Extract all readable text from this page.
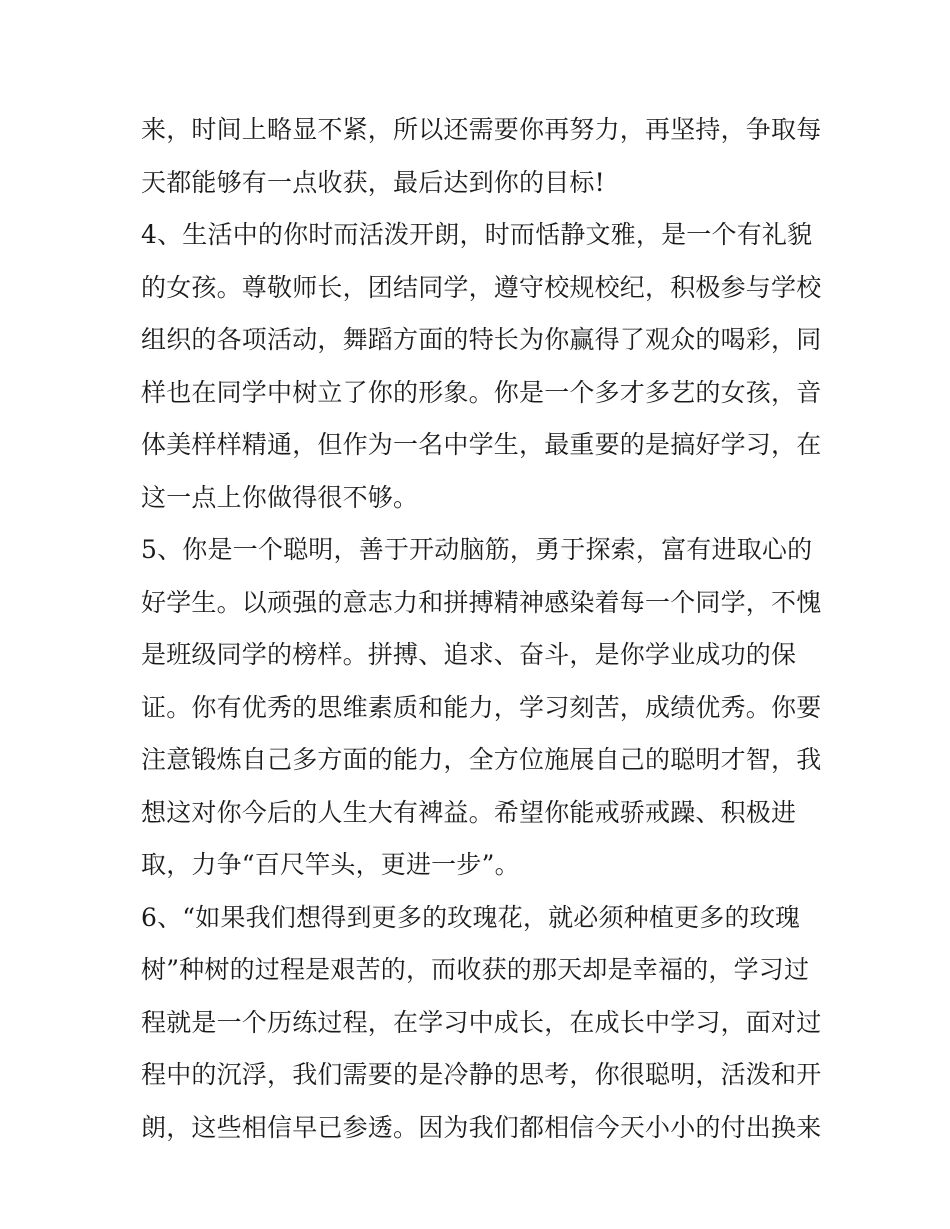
来，时间上略显不紧，所以还需要你再努力，再坚持，争取每
天都能够有一点收获，最后达到你的目标!
4、生活中的你时而活泼开朗，时而恬静文雅，是一个有礼貌
的女孩。尊敬师长，团结同学，遵守校规校纪，积极参与学校
组织的各项活动，舞蹈方面的特长为你赢得了观众的喝彩，同
样也在同学中树立了你的形象。你是一个多才多艺的女孩，音
体美样样精通，但作为一名中学生，最重要的是搞好学习，在
这一点上你做得很不够。
5、你是一个聪明，善于开动脑筋，勇于探索，富有进取心的
好学生。以顽强的意志力和拼搏精神感染着每一个同学，不愧
是班级同学的榜样。拼搏、追求、奋斗，是你学业成功的保
证。你有优秀的思维素质和能力，学习刻苦，成绩优秀。你要
注意锻炼自己多方面的能力，全方位施展自己的聪明才智，我
想这对你今后的人生大有裨益。希望你能戒骄戒躁、积极进
取，力争“百尺竿头，更进一步”。
6、“如果我们想得到更多的玫瑰花，就必须种植更多的玫瑰
树”种树的过程是艰苦的，而收获的那天却是幸福的，学习过
程就是一个历练过程，在学习中成长，在成长中学习，面对过
程中的沉浮，我们需要的是冷静的思考，你很聪明，活泼和开
朗，这些相信早已参透。因为我们都相信今天小小的付出换来
